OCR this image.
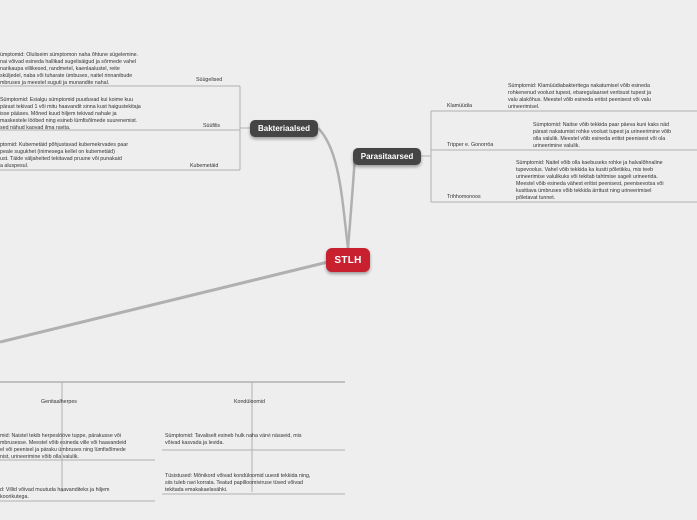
STLH
Bakteriaalsed
Parasitaarsed
Süügelised
ümptomid: Oluliseim sümptomon naha õhtune sügelemine.
nai võivad esineda hallikad sugelisäigud ja sõrmede vahel
narikaupa villikesed, randmetel, kaenlaalustel, reite
sküljedel, naba või tuharate ümbuses, naitel rinnanibude
mbruses ja meestel suguti ja munandite nahal.
Süüfilis
Sümptomid: Esialgu sümptomid puuduvad kui koime kuu
pärast tekivad 1 või mitu haavandit sinna kust haigustekitaja
isse pääses. Mõned kuud hiljem tekivad nahale ja
maskestele lööbed ning esineb lümfisõlmede suurenemist.
sed nähud kaovad ilma ravita.
Kubemetäid
ptomid: Kubemetäid põhjustavad kubemekrvades paar
peale sugukhet (inimesega kellel on kubemetäid)
ust. Täide väljaheited tekitavad pruune või punakaid
a aluspesul.
Klamüüdia
Sümptomid: Klamüüdiabakteritega nakatumisel võib esineda
rohkenenud voolust tupest, ebaregulaarset veritsust tupest ja
valu alakõhus. Meestel võib esineda eritist peenisest või valu
urineerimisel.
Tripper e. Gonorröa
Sümptomid: Naitse võib tekkida paar päeva kuni kaks näd
pärast nakatumist rohke voolust tupest ja urineerimine võib
olla valulik. Meestel võib esineda eritist peenisest või ola
urineerimine valulik.
Trihhomonoos
Sümptomid: Naitel võib olla kaebuseks rohke ja halvalõhnaline
tupevoolus. Vahel võib tekkida ka kusiti põletikku, mis teeb
urineerimise valulikuks või tekitab tahtmise sageli urineerida.
Meestel võib esineda vähest eritist peenisest, peenisevotsa või
kusitiava ümbruses võib tekkida ärritust ning urineerimisel
põletavat tunnet.
Genitaalherpes
mid: Naistel tekib herpeslööve tuppe, pärakusse või
mbrusesse. Meestel võib esineda ville või haavandeid
el või peenisel ja päraku ümbruses ning lümfisõlmede
nist, urineerimine võib olla valulik.
d: Villid võivad muutuda haavanditeks ja hiljem
koorikutega.
Kondüloomid
Sümptomid: Tavaliselt esineb hulk naha värvi nässeid, mis
võivad kasvada ja levida.
Tüsistused: Mõnikord võivad kondüloomid uuesti tekkida ning,
siis tuleb ravi korrata. Teatud papilloomiviruse tüved võivad
tekitada emakakaelavähki.
